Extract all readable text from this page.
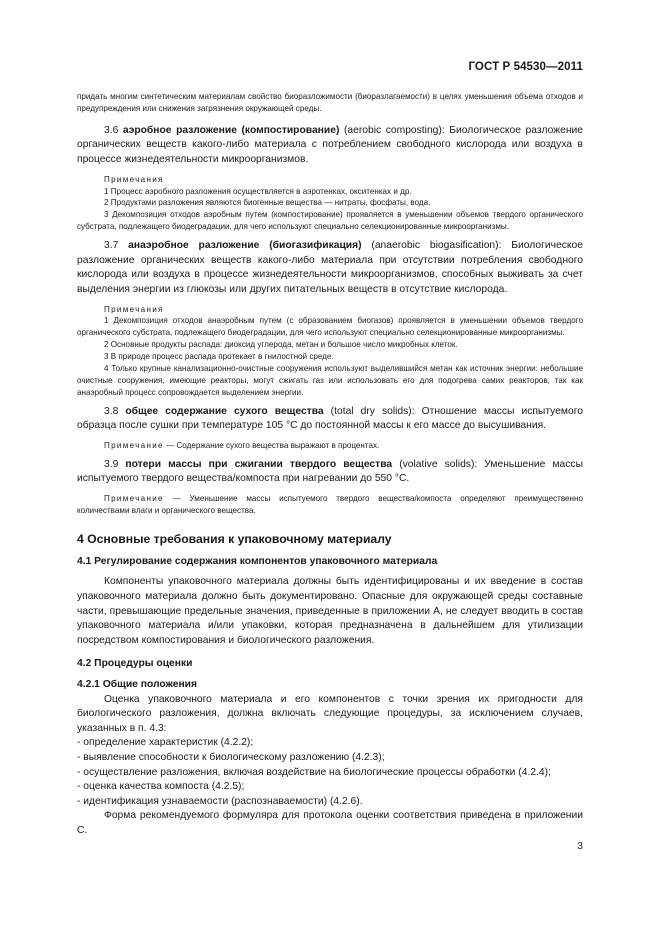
ГОСТ Р 54530—2011

придать многим синтетическим материалам свойство биоразложимости (биоразлагаемости) в целях уменьшения объема отходов и предупреждения или снижения загрязнения окружающей среды.

3.6 аэробное разложение (компостирование) (aerobic composting): Биологическое разложение органических веществ какого-либо материала с потреблением свободного кислорода или воздуха в процессе жизнедеятельности микроорганизмов.

Примечания

1 Процесс аэробного разложения осуществляется в аэротенках, окситенках и др.

2 Продуктами разложения являются биогенные вещества — нитраты, фосфаты, вода.

3 Декомпозиция отходов аэробным путем (компостирование) проявляется в уменьшении объемов твердого органического субстрата, подлежащего биодеградации, для чего используют специально селекционированные микроорганизмы.

3.7 анаэробное разложение (биогазификация) (anaerobic biogasification): Биологическое разложение органических веществ какого-либо материала при отсутствии потребления свободного кислорода или воздуха в процессе жизнедеятельности микроорганизмов, способных выживать за счет выделения энергии из глюкозы или других питательных веществ в отсутствие кислорода.

Примечания

1 Декомпозиция отходов анаэробным путем (с образованием биогазов) проявляется в уменьшении объемов твердого органического субстрата, подлежащего биодеградации, для чего используют специально селекционированные микроорганизмы.

2 Основные продукты распада: диоксид углерода, метан и большое число микробных клеток.

3 В природе процесс распада протекает в гнилостной среде.

4 Только крупные канализационно-очистные сооружения используют выделившийся метан как источник энергии: небольшие очистные сооружения, имеющие реакторы, могут сжигать газ или использовать его для подогрева самих реакторов, так как анаэробный процесс сопровождается выделением энергии.

3.8 общее содержание сухого вещества (total dry solids): Отношение массы испытуемого образца после сушки при температуре 105 °С до постоянной массы к его массе до высушивания.

Примечание — Содержание сухого вещества выражают в процентах.

3.9 потери массы при сжигании твердого вещества (volative solids): Уменьшение массы испытуемого твердого вещества/компоста при нагревании до 550 °С.

Примечание — Уменьшение массы испытуемого твердого вещества/компоста определяют преимущественно количествами влаги и органического вещества.

4 Основные требования к упаковочному материалу

4.1 Регулирование содержания компонентов упаковочного материала

Компоненты упаковочного материала должны быть идентифицированы и их введение в состав упаковочного материала должно быть документировано. Опасные для окружающей среды составные части, превышающие предельные значения, приведенные в приложении А, не следует вводить в состав упаковочного материала и/или упаковки, которая предназначена в дальнейшем для утилизации посредством компостирования и биологического разложения.

4.2 Процедуры оценки

4.2.1 Общие положения

Оценка упаковочного материала и его компонентов с точки зрения их пригодности для биологического разложения, должна включать следующие процедуры, за исключением случаев, указанных в п. 4.3:

- определение характеристик (4.2.2);

- выявление способности к биологическому разложению (4.2.3);

- осуществление разложения, включая воздействие на биологические процессы обработки (4.2.4);

- оценка качества компоста (4.2.5);

- идентификация узнаваемости (распознаваемости) (4.2.6).

Форма рекомендуемого формуляра для протокола оценки соответствия приведена в приложении С.

3
